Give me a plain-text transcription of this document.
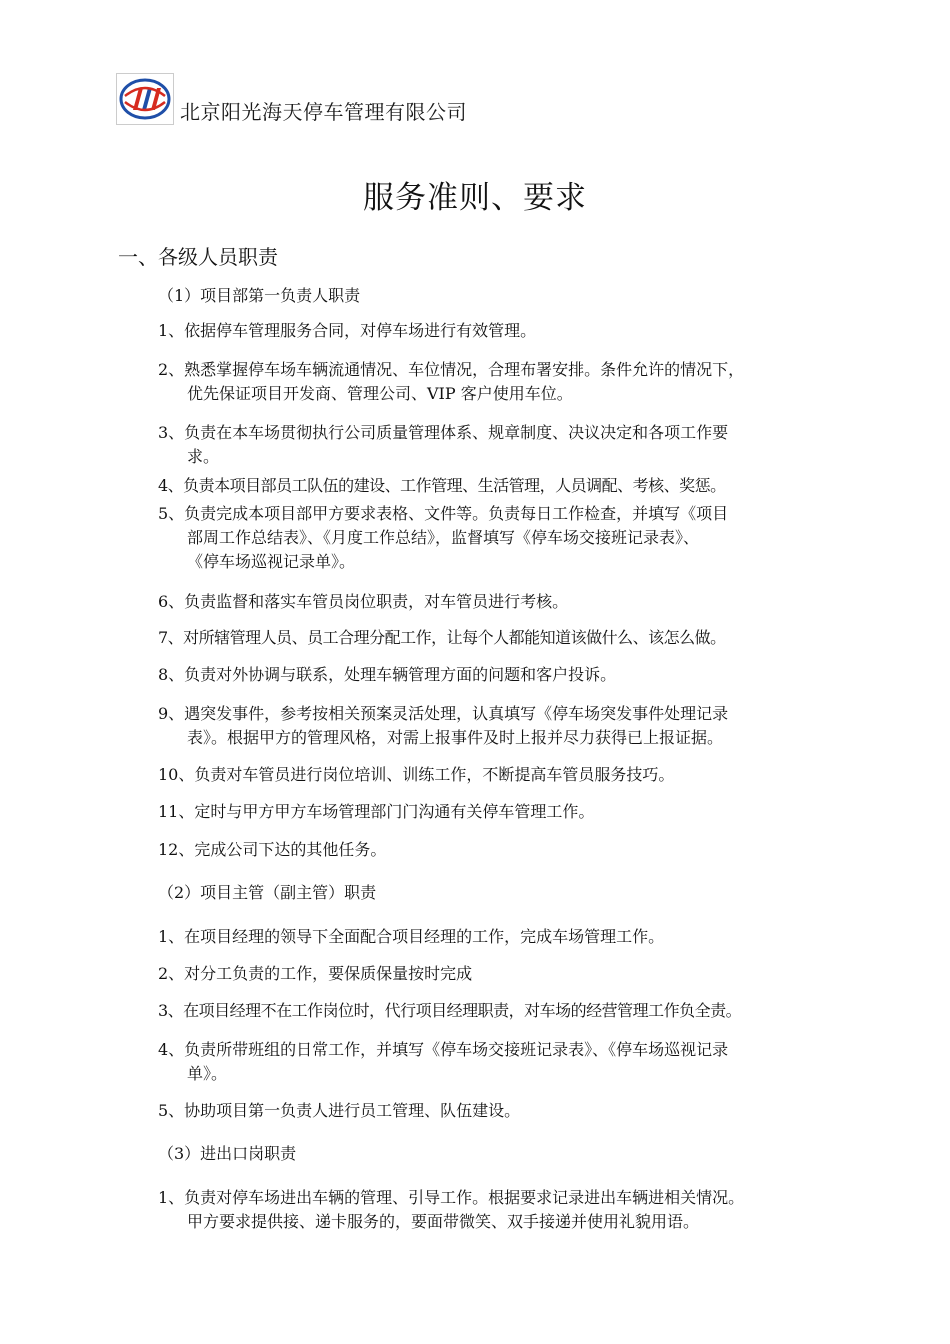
北京阳光海天停车管理有限公司
服务准则、要求
一、各级人员职责
（1）项目部第一负责人职责
1、依据停车管理服务合同，对停车场进行有效管理。
2、熟悉掌握停车场车辆流通情况、车位情况，合理布署安排。条件允许的情况下，
优先保证项目开发商、管理公司、VIP 客户使用车位。
3、负责在本车场贯彻执行公司质量管理体系、规章制度、决议决定和各项工作要
求。
4、负责本项目部员工队伍的建设、工作管理、生活管理，人员调配、考核、奖惩。
5、负责完成本项目部甲方要求表格、文件等。负责每日工作检查，并填写《项目
部周工作总结表》、《月度工作总结》，监督填写《停车场交接班记录表》、
《停车场巡视记录单》。
6、负责监督和落实车管员岗位职责，对车管员进行考核。
7、对所辖管理人员、员工合理分配工作，让每个人都能知道该做什么、该怎么做。
8、负责对外协调与联系，处理车辆管理方面的问题和客户投诉。
9、遇突发事件，参考按相关预案灵活处理，认真填写《停车场突发事件处理记录
表》。根据甲方的管理风格，对需上报事件及时上报并尽力获得已上报证据。
10、负责对车管员进行岗位培训、训练工作，不断提高车管员服务技巧。
11、定时与甲方甲方车场管理部门门沟通有关停车管理工作。
12、完成公司下达的其他任务。
（2）项目主管（副主管）职责
1、在项目经理的领导下全面配合项目经理的工作，完成车场管理工作。
2、对分工负责的工作，要保质保量按时完成
3、在项目经理不在工作岗位时，代行项目经理职责，对车场的经营管理工作负全责。
4、负责所带班组的日常工作，并填写《停车场交接班记录表》、《停车场巡视记录
单》。
5、协助项目第一负责人进行员工管理、队伍建设。
（3）进出口岗职责
1、负责对停车场进出车辆的管理、引导工作。根据要求记录进出车辆进相关情况。
甲方要求提供接、递卡服务的，要面带微笑、双手接递并使用礼貌用语。
